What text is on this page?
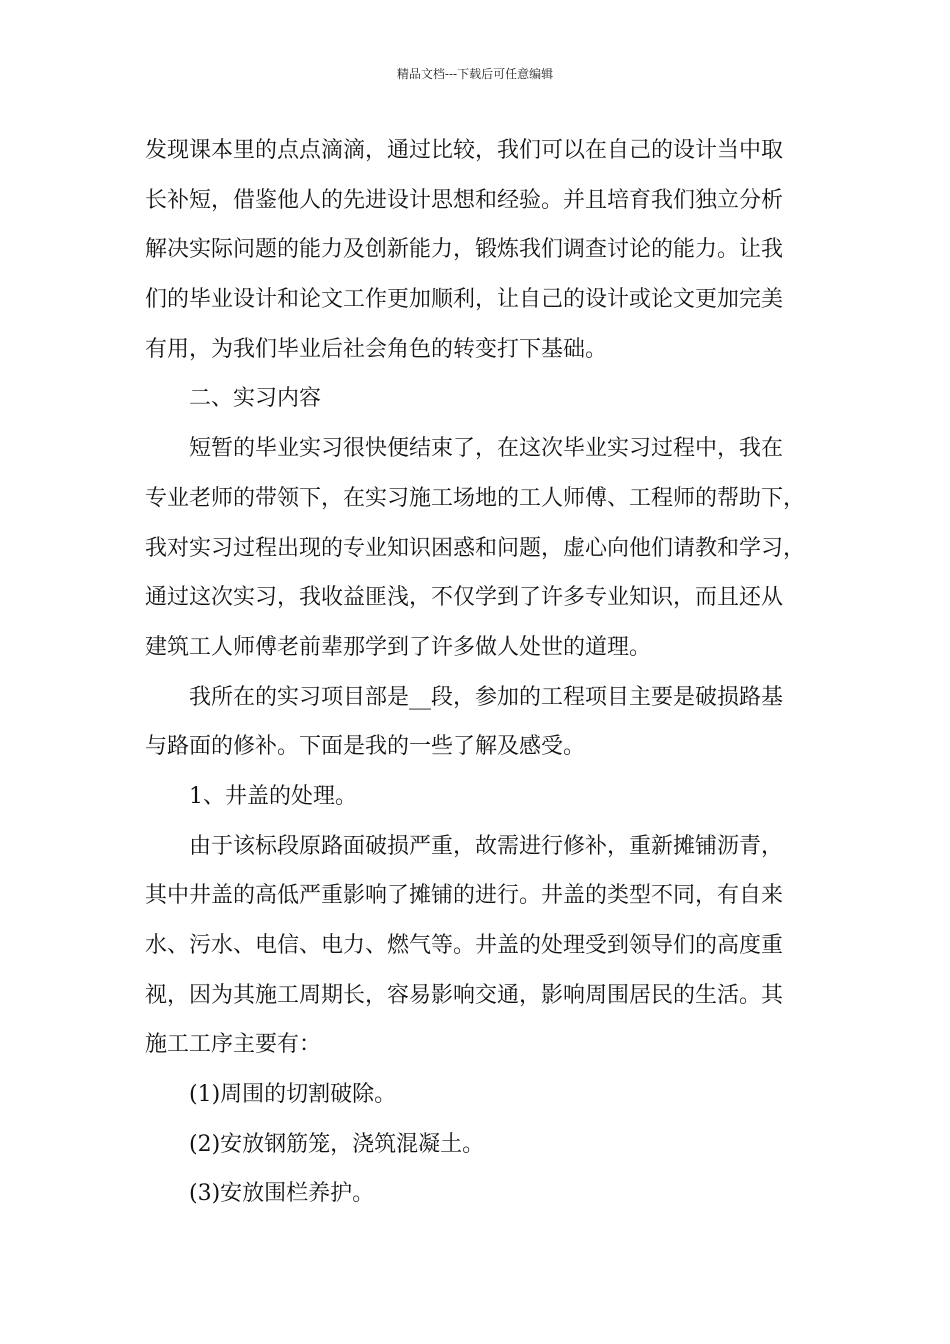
精品文档---下载后可任意编辑
发现课本里的点点滴滴，通过比较，我们可以在自己的设计当中取
长补短，借鉴他人的先进设计思想和经验。并且培育我们独立分析
解决实际问题的能力及创新能力，锻炼我们调查讨论的能力。让我
们的毕业设计和论文工作更加顺利，让自己的设计或论文更加完美
有用，为我们毕业后社会角色的转变打下基础。
二、实习内容
短暂的毕业实习很快便结束了，在这次毕业实习过程中，我在
专业老师的带领下，在实习施工场地的工人师傅、工程师的帮助下，
我对实习过程出现的专业知识困惑和问题，虚心向他们请教和学习，
通过这次实习，我收益匪浅，不仅学到了许多专业知识，而且还从
建筑工人师傅老前辈那学到了许多做人处世的道理。
我所在的实习项目部是__段，参加的工程项目主要是破损路基
与路面的修补。下面是我的一些了解及感受。
1、井盖的处理。
由于该标段原路面破损严重，故需进行修补，重新摊铺沥青，
其中井盖的高低严重影响了摊铺的进行。井盖的类型不同，有自来
水、污水、电信、电力、燃气等。井盖的处理受到领导们的高度重
视，因为其施工周期长，容易影响交通，影响周围居民的生活。其
施工工序主要有：
(1)周围的切割破除。
(2)安放钢筋笼，浇筑混凝土。
(3)安放围栏养护。
